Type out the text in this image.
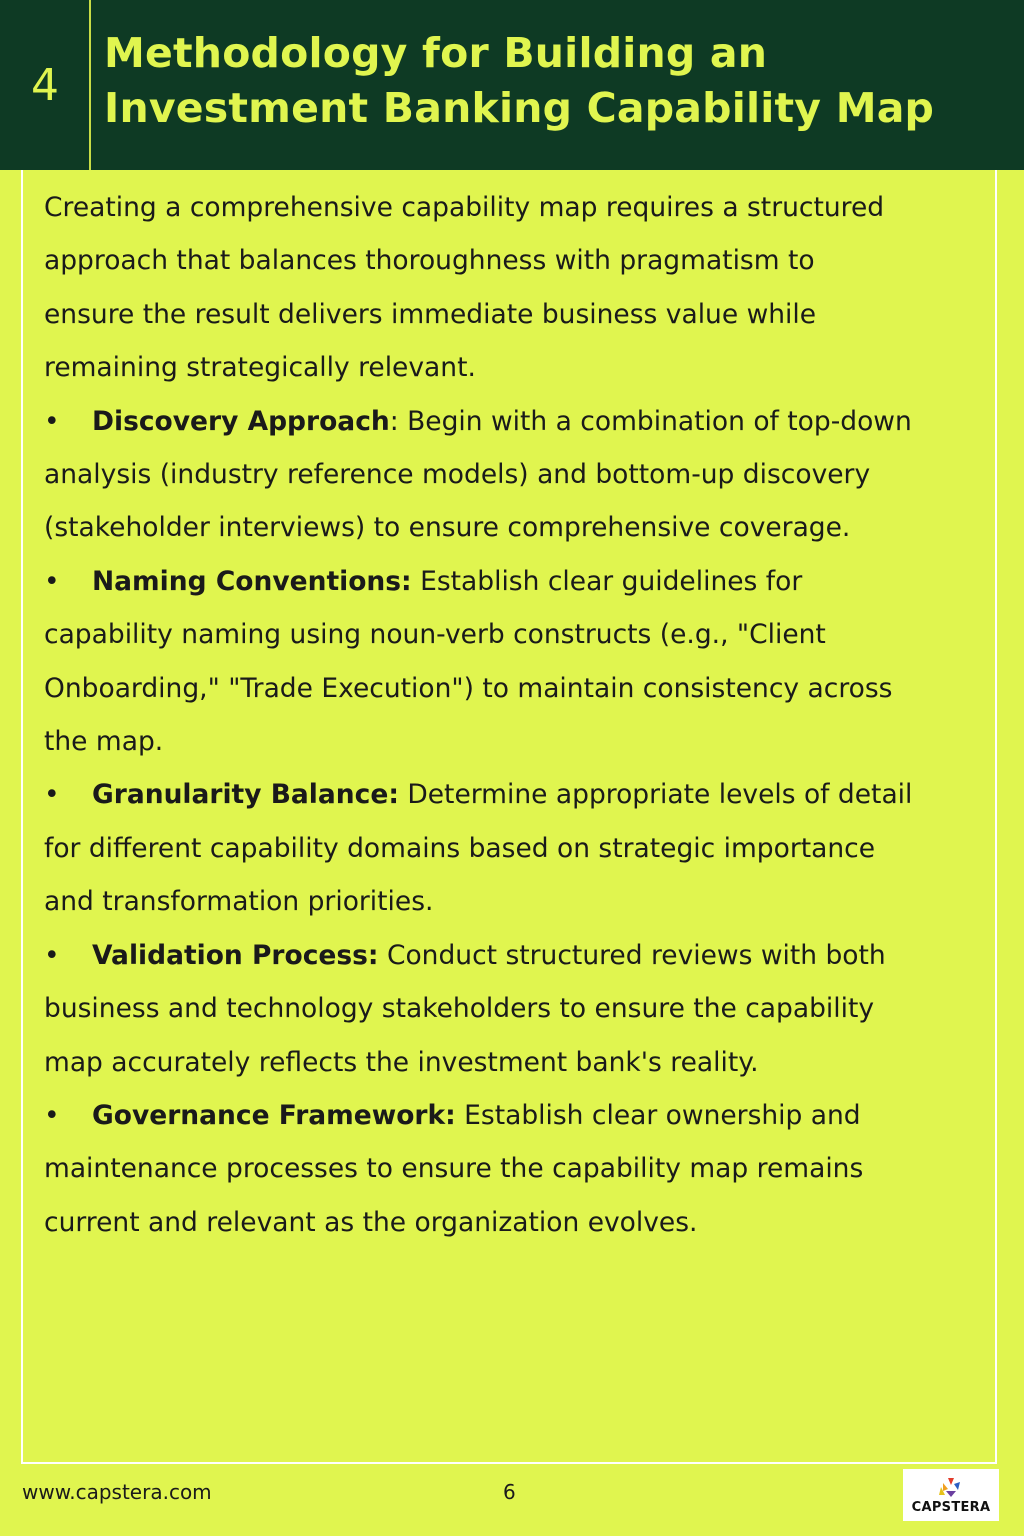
4
Methodology for Building an
Investment Banking Capability Map

Creating a comprehensive capability map requires a structured

approach that balances thoroughness with pragmatism to

ensure the result delivers immediate business value while

remaining strategically relevant.

• Discovery Approach: Begin with a combination of top-down

analysis (industry reference models) and bottom-up discovery

(stakeholder interviews) to ensure comprehensive coverage.

• Naming Conventions: Establish clear guidelines for

capability naming using noun-verb constructs (e.g., "Client

Onboarding," "Trade Execution") to maintain consistency across

the map.

• Granularity Balance: Determine appropriate levels of detail

for different capability domains based on strategic importance

and transformation priorities.

• Validation Process: Conduct structured reviews with both

business and technology stakeholders to ensure the capability

map accurately reflects the investment bank's reality.

• Governance Framework: Establish clear ownership and

maintenance processes to ensure the capability map remains

current and relevant as the organization evolves.

www.capstera.com	6
CAPSTERA
